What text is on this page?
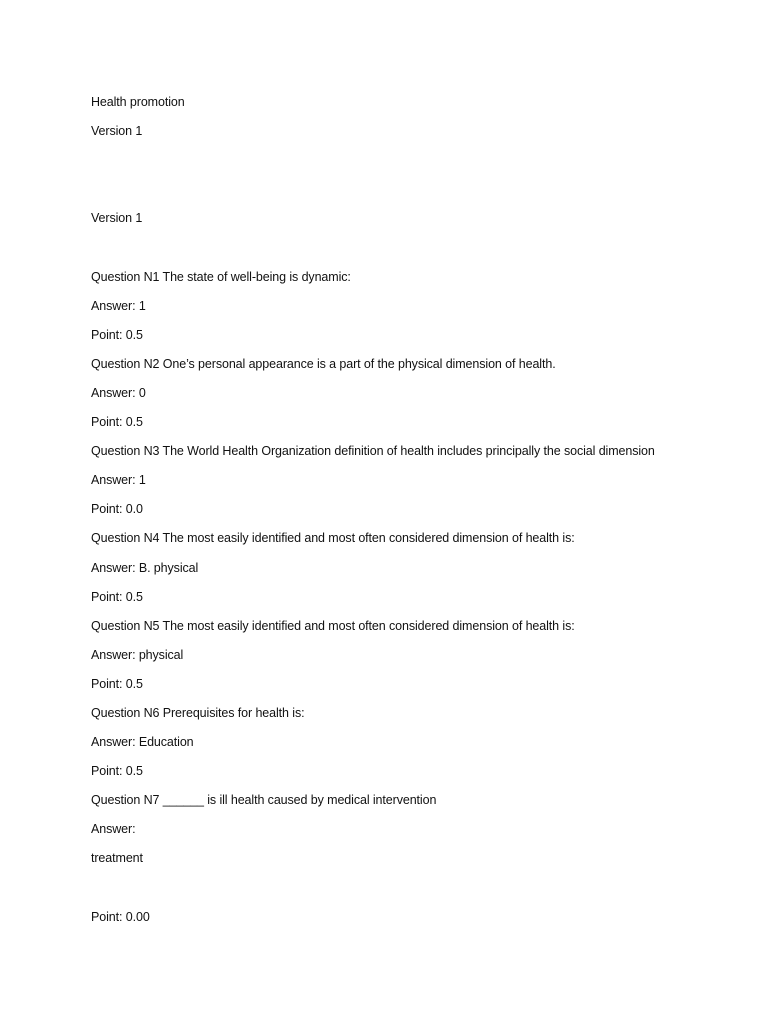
Health promotion
Version 1
Version 1
Question N1 The state of well-being is dynamic:
Answer: 1
Point: 0.5
Question N2 One’s personal appearance is a part of the physical dimension of health.
Answer: 0
Point: 0.5
Question N3 The World Health Organization definition of health includes principally the social dimension
Answer: 1
Point: 0.0
Question N4 The most easily identified and most often considered dimension of health is:
Answer: B. physical
Point: 0.5
Question N5 The most easily identified and most often considered dimension of health is:
Answer: physical
Point: 0.5
Question N6 Prerequisites for health is:
Answer: Education
Point: 0.5
Question N7 ______ is ill health caused by medical intervention
Answer:
treatment
Point: 0.00
